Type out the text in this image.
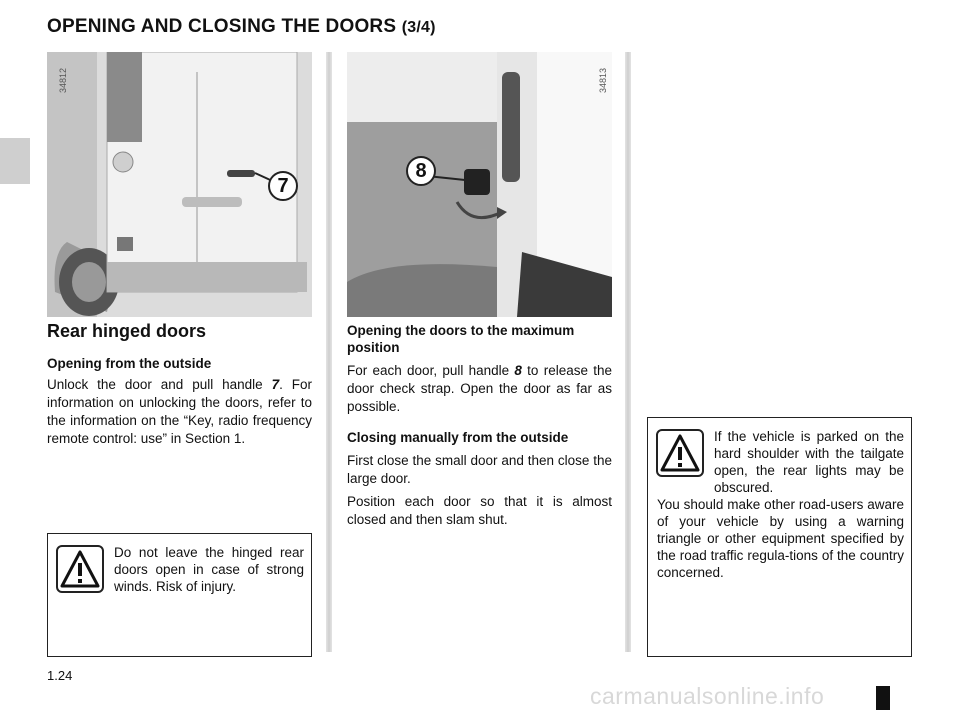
OPENING AND CLOSING THE DOORS (3/4)
34812
7
34813
8
Rear hinged doors
Opening from the outside
Unlock the door and pull handle 7. For information on unlocking the doors, refer to the information on the “Key, radio frequency remote control: use” in Section 1.
Opening the doors to the maximum position
For each door, pull handle 8 to release the door check strap. Open the door as far as possible.
Closing manually from the outside
First close the small door and then close the large door.
Position each door so that it is almost closed and then slam shut.
Do not leave the hinged rear doors open in case of strong winds. Risk of injury.
If the vehicle is parked on the hard shoulder with the tailgate open, the rear lights may be obscured.
You should make other road-users aware of your vehicle by using a warning triangle or other equipment specified by the road traffic regula-tions of the country concerned.
1.24
carmanualsonline.info
